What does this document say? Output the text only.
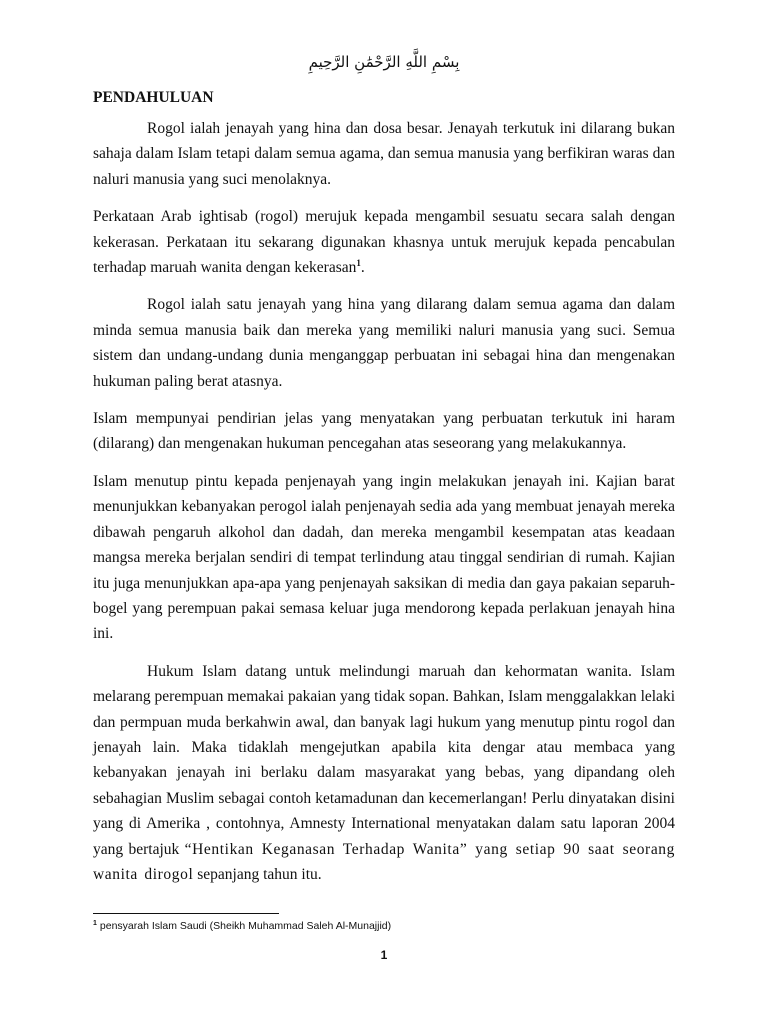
بِسْمِ اللَّهِ الرَّحْمَٰنِ الرَّحِيمِ
PENDAHULUAN

Rogol ialah jenayah yang hina dan dosa besar. Jenayah terkutuk ini dilarang bukan sahaja dalam Islam tetapi dalam semua agama, dan semua manusia yang berfikiran waras dan naluri manusia yang suci menolaknya.

Perkataan Arab ightisab (rogol) merujuk kepada mengambil sesuatu secara salah dengan kekerasan. Perkataan itu sekarang digunakan khasnya untuk merujuk kepada pencabulan terhadap maruah wanita dengan kekerasan$^1$.

Rogol ialah satu jenayah yang hina yang dilarang dalam semua agama dan dalam minda semua manusia baik dan mereka yang memiliki naluri manusia yang suci. Semua sistem dan undang-undang dunia menganggap perbuatan ini sebagai hina dan mengenakan hukuman paling berat atasnya.

Islam mempunyai pendirian jelas yang menyatakan yang perbuatan terkutuk ini haram (dilarang) dan mengenakan hukuman pencegahan atas seseorang yang melakukannya.

Islam menutup pintu kepada penjenayah yang ingin melakukan jenayah ini. Kajian barat menunjukkan kebanyakan perogol ialah penjenayah sedia ada yang membuat jenayah mereka dibawah pengaruh alkohol dan dadah, dan mereka mengambil kesempatan atas keadaan mangsa mereka berjalan sendiri di tempat terlindung atau tinggal sendirian di rumah. Kajian itu juga menunjukkan apa-apa yang penjenayah saksikan di media dan gaya pakaian separuh-bogel yang perempuan pakai semasa keluar juga mendorong kepada perlakuan jenayah hina ini.

Hukum Islam datang untuk melindungi maruah dan kehormatan wanita. Islam melarang perempuan memakai pakaian yang tidak sopan. Bahkan, Islam menggalakkan lelaki dan permpuan muda berkahwin awal, dan banyak lagi hukum yang menutup pintu rogol dan jenayah lain. Maka tidaklah mengejutkan apabila kita dengar atau membaca yang kebanyakan jenayah ini berlaku dalam masyarakat yang bebas, yang dipandang oleh sebahagian Muslim sebagai contoh ketamadunan dan kecemerlangan! Perlu dinyatakan disini yang di Amerika , contohnya, Amnesty International menyatakan dalam satu laporan 2004 yang bertajuk “Hentikan Keganasan Terhadap Wanita” yang setiap 90 saat seorang wanita dirogol sepanjang tahun itu.

$^1$ pensyarah Islam Saudi (Sheikh Muhammad Saleh Al-Munajjid)
1
